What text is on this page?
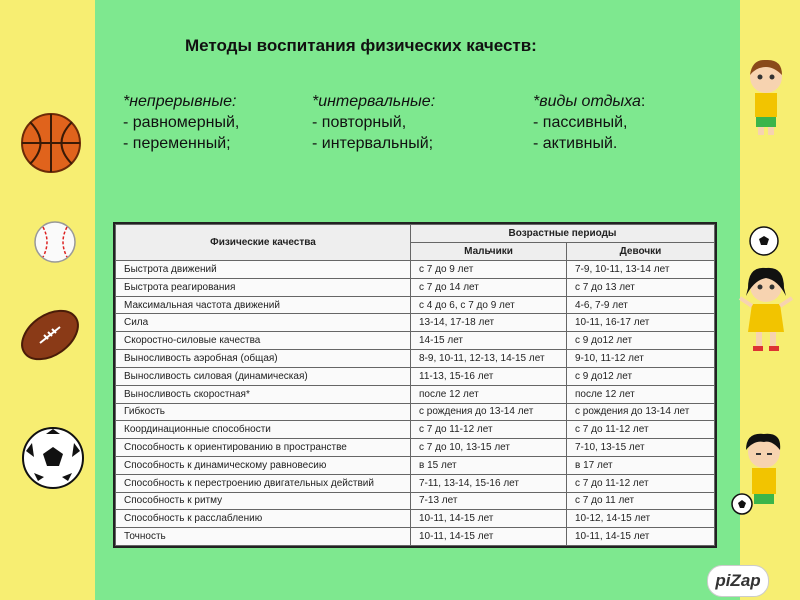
Методы воспитания физических качеств:
*непрерывные:
- равномерный,
- переменный;
*интервальные:
- повторный,
- интервальный;
*виды отдыха:
- пассивный,
- активный.
Физические качества	Возрастные периоды	
	Мальчики	Девочки
Быстрота движений	с 7 до 9 лет	7-9, 10-11, 13-14 лет
Быстрота реагирования	с 7 до 14 лет	с 7 до 13 лет
Максимальная частота движений	с 4 до 6, с 7 до 9 лет	4-6, 7-9 лет
Сила	13-14, 17-18 лет	10-11, 16-17 лет
Скоростно-силовые качества	14-15 лет	с 9 до12 лет
Выносливость аэробная (общая)	8-9, 10-11, 12-13, 14-15 лет	9-10, 11-12 лет
Выносливость силовая (динамическая)	11-13, 15-16 лет	с 9 до12 лет
Выносливость скоростная*	после 12 лет	после 12 лет
Гибкость	с рождения до 13-14 лет	с рождения до 13-14 лет
Координационные способности	с 7 до 11-12 лет	с 7 до 11-12 лет
Способность к ориентированию в пространстве	с 7 до 10, 13-15 лет	7-10, 13-15 лет
Способность к динамическому равновесию	в 15 лет	в 17 лет
Способность к перестроению двигательных действий	7-11, 13-14, 15-16 лет	с 7 до 11-12 лет
Способность к ритму	7-13 лет	с 7 до 11 лет
Способность к расслаблению	10-11, 14-15 лет	10-12, 14-15 лет
Точность	10-11, 14-15 лет	10-11, 14-15 лет
piZap
